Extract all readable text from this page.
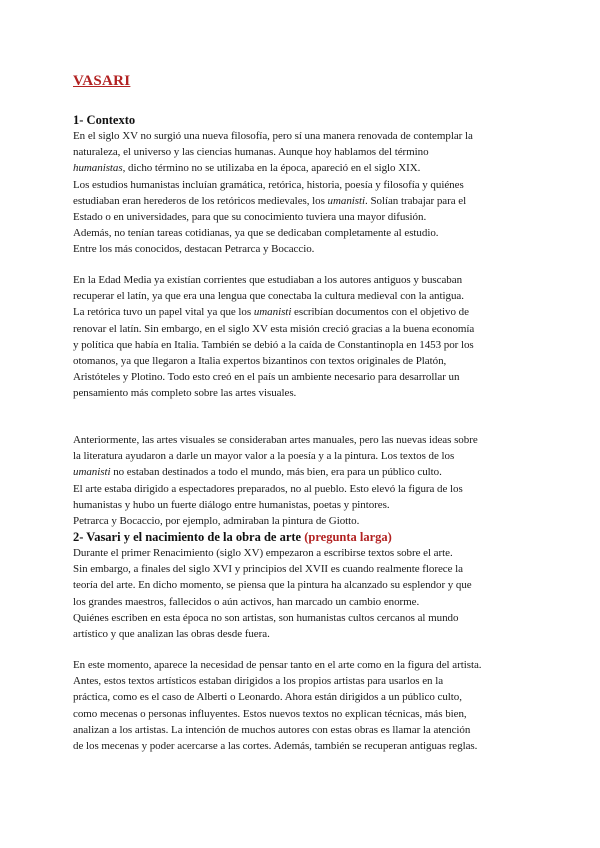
VASARI
1- Contexto
En el siglo XV no surgió una nueva filosofía, pero sí una manera renovada de contemplar la
naturaleza, el universo y las ciencias humanas. Aunque hoy hablamos del término
humanistas, dicho término no se utilizaba en la época, apareció en el siglo XIX.
Los estudios humanistas incluían gramática, retórica, historia, poesía y filosofía y quiénes
estudiaban eran herederos de los retóricos medievales, los umanisti. Solían trabajar para el
Estado o en universidades, para que su conocimiento tuviera una mayor difusión.
Además, no tenían tareas cotidianas, ya que se dedicaban completamente al estudio.
Entre los más conocidos, destacan Petrarca y Bocaccio.
En la Edad Media ya existían corrientes que estudiaban a los autores antiguos y buscaban
recuperar el latín, ya que era una lengua que conectaba la cultura medieval con la antigua.
La retórica tuvo un papel vital ya que los umanisti escribían documentos con el objetivo de
renovar el latín. Sin embargo, en el siglo XV esta misión creció gracias a la buena economía
y política que había en Italia. También se debió a la caída de Constantinopla en 1453 por los
otomanos, ya que llegaron a Italia expertos bizantinos con textos originales de Platón,
Aristóteles y Plotino. Todo esto creó en el país un ambiente necesario para desarrollar un
pensamiento más completo sobre las artes visuales.
Anteriormente, las artes visuales se consideraban artes manuales, pero las nuevas ideas sobre
la literatura ayudaron a darle un mayor valor a la poesía y a la pintura. Los textos de los
umanisti no estaban destinados a todo el mundo, más bien, era para un público culto.
El arte estaba dirigido a espectadores preparados, no al pueblo. Esto elevó la figura de los
humanistas y hubo un fuerte diálogo entre humanistas, poetas y pintores.
Petrarca y Bocaccio, por ejemplo, admiraban la pintura de Giotto.
2- Vasari y el nacimiento de la obra de arte (pregunta larga)
Durante el primer Renacimiento (siglo XV) empezaron a escribirse textos sobre el arte.
Sin embargo, a finales del siglo XVI y principios del XVII es cuando realmente florece la
teoría del arte. En dicho momento, se piensa que la pintura ha alcanzado su esplendor y que
los grandes maestros, fallecidos o aún activos, han marcado un cambio enorme.
Quiénes escriben en esta época no son artistas, son humanistas cultos cercanos al mundo
artístico y que analizan las obras desde fuera.
En este momento, aparece la necesidad de pensar tanto en el arte como en la figura del artista.
Antes, estos textos artísticos estaban dirigidos a los propios artistas para usarlos en la
práctica, como es el caso de Alberti o Leonardo. Ahora están dirigidos a un público culto,
como mecenas o personas influyentes. Estos nuevos textos no explican técnicas, más bien,
analizan a los artistas. La intención de muchos autores con estas obras es llamar la atención
de los mecenas y poder acercarse a las cortes. Además, también se recuperan antiguas reglas.
